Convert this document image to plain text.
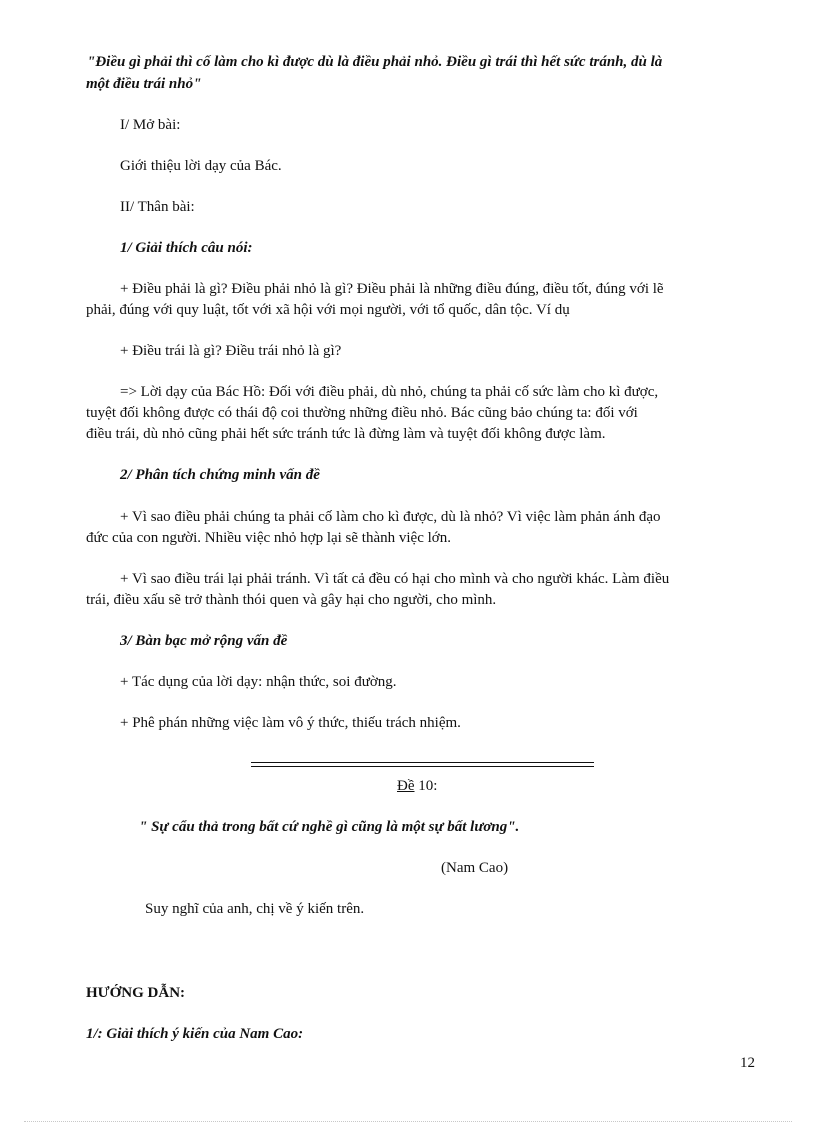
"Điều gì phải thì cố làm cho kì được dù là điều phải nhỏ. Điều gì trái thì hết sức tránh, dù là
một điều trái nhỏ"
I/ Mở bài:
Giới thiệu lời dạy của Bác.
II/ Thân bài:
1/ Giải thích câu nói:
+ Điều phải là gì? Điều phải nhỏ là gì? Điều phải là những điều đúng, điều tốt, đúng với lẽ
phải, đúng với quy luật, tốt với xã hội với mọi người, với tổ quốc, dân tộc. Ví dụ
+ Điều trái là gì? Điều trái nhỏ là gì?
=> Lời dạy của Bác Hồ: Đối với điều phải, dù nhỏ, chúng ta phải cố sức làm cho kì được,
tuyệt đối không được có thái độ coi thường những điều nhỏ. Bác cũng bảo chúng ta: đối với
điều trái, dù nhỏ cũng phải hết sức tránh tức là đừng làm và tuyệt đối không được làm.
2/ Phân tích chứng minh vấn đề
+ Vì sao điều phải chúng ta phải cố làm cho kì được, dù là nhỏ? Vì việc làm phản ánh đạo
đức của con người. Nhiều việc nhỏ hợp lại sẽ thành việc lớn.
+ Vì sao điều trái lại phải tránh. Vì tất cả đều có hại cho mình và cho người khác. Làm điều
trái, điều xấu sẽ trở thành thói quen và gây hại cho người, cho mình.
3/ Bàn bạc mở rộng vấn đề
+ Tác dụng của lời dạy: nhận thức, soi đường.
+ Phê phán những việc làm vô ý thức, thiếu trách nhiệm.
Đề 10:
" Sự cẩu thả trong bất cứ nghề gì cũng là một sự bất lương".
(Nam Cao)
Suy nghĩ của anh, chị về ý kiến trên.
HƯỚNG DẪN:
1/: Giải thích ý kiến của Nam Cao:
12
